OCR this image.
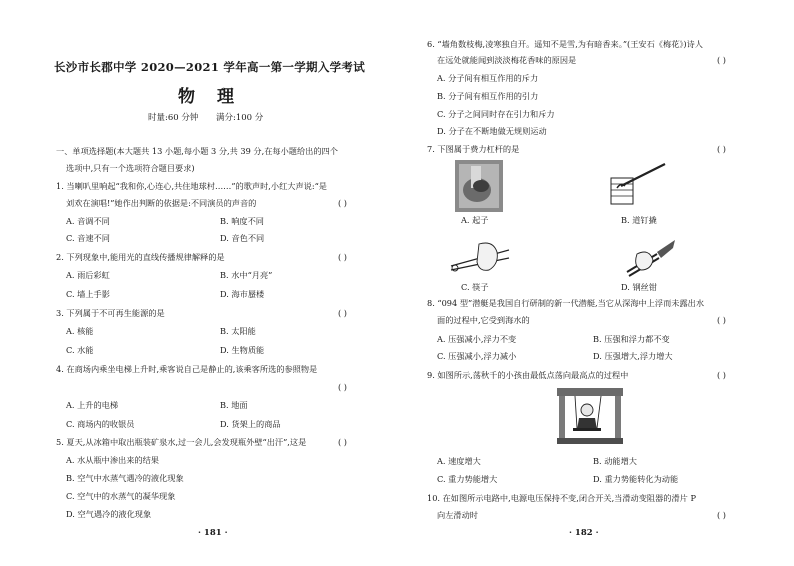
长沙市长郡中学 2020—2021 学年高一第一学期入学考试
物理
时量:60 分钟 满分:100 分
一、单项选择题(本大题共 13 小题,每小题 3 分,共 39 分,在每小题给出的四个
选项中,只有一个选项符合题目要求)
1. 当喇叭里响起“我和你,心连心,共住地球村……”的歌声时,小红大声说:“是
刘欢在演唱!”她作出判断的依据是:不同演员的声音的	( )
A. 音调不同	B. 响度不同
C. 音速不同	D. 音色不同
2. 下列现象中,能用光的直线传播规律解释的是	( )
A. 雨后彩虹	B. 水中“月亮”
C. 墙上手影	D. 海市蜃楼
3. 下列属于不可再生能源的是	( )
A. 核能	B. 太阳能
C. 水能	D. 生物质能
4. 在商场内乘坐电梯上升时,乘客说自己是静止的,该乘客所选的参照物是
( )
A. 上升的电梯	B. 地面
C. 商场内的收银员	D. 货架上的商品
5. 夏天,从冰箱中取出瓶装矿泉水,过一会儿,会发现瓶外壁“出汗”,这是	( )
A. 水从瓶中渗出来的结果
B. 空气中水蒸气遇冷的液化现象
C. 空气中的水蒸气的凝华现象
D. 空气遇冷的液化现象
· 181 ·
6. “墙角数枝梅,凌寒独自开。遥知不是雪,为有暗香来。”(王安石《梅花》)诗人
在远处就能闻到淡淡梅花香味的原因是	( )
A. 分子间有相互作用的斥力
B. 分子间有相互作用的引力
C. 分子之间同时存在引力和斥力
D. 分子在不断地做无规则运动
7. 下图属于费力杠杆的是	( )
A. 起子	B. 道钉撬
C. 筷子	D. 钢丝钳
8. “094 型”潜艇是我国自行研制的新一代潜艇,当它从深海中上浮而未露出水
面的过程中,它受到海水的	( )
A. 压强减小,浮力不变	B. 压强和浮力都不变
C. 压强减小,浮力减小	D. 压强增大,浮力增大
9. 如图所示,荡秋千的小孩由最低点荡向最高点的过程中	( )
A. 速度增大	B. 动能增大
C. 重力势能增大	D. 重力势能转化为动能
10. 在如图所示电路中,电源电压保持不变,闭合开关,当滑动变阻器的滑片 P
向左滑动时	( )
· 182 ·
